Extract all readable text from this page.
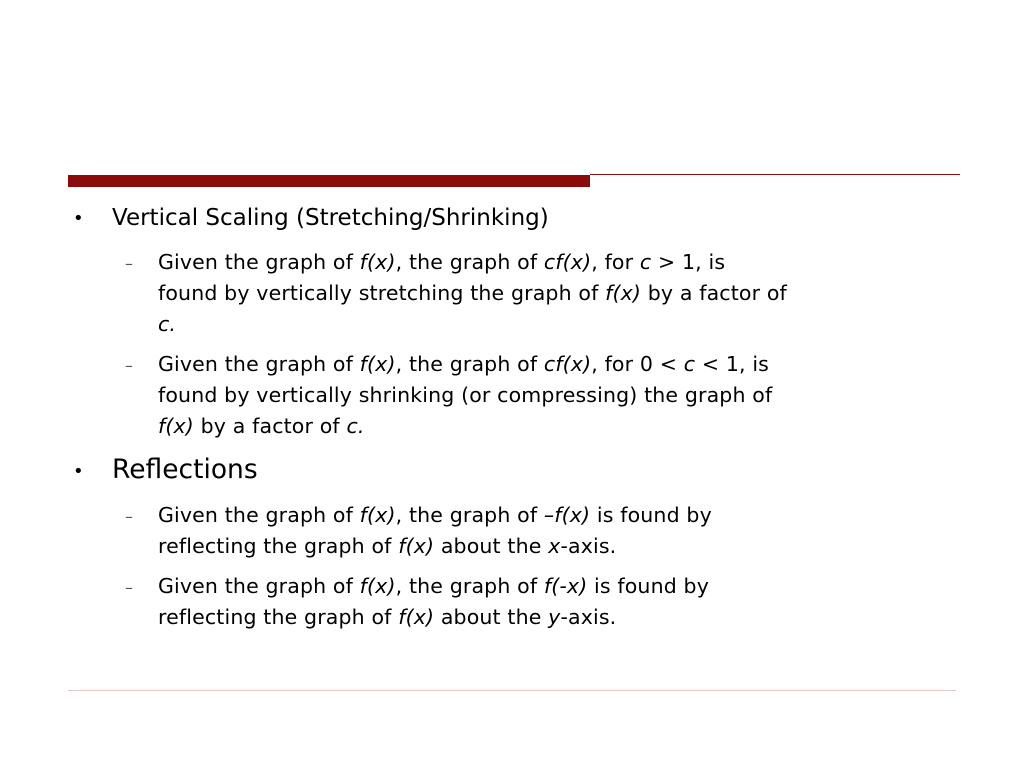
• Vertical Scaling (Stretching/Shrinking)
– Given the graph of f(x), the graph of cf(x), for c > 1, is
found by vertically stretching the graph of f(x) by a factor of
c.
– Given the graph of f(x), the graph of cf(x), for 0 < c < 1, is
found by vertically shrinking (or compressing) the graph of
f(x) by a factor of c.
• Reflections
– Given the graph of f(x), the graph of –f(x) is found by
reflecting the graph of f(x) about the x-axis.
– Given the graph of f(x), the graph of f(-x) is found by
reflecting the graph of f(x) about the y-axis.
